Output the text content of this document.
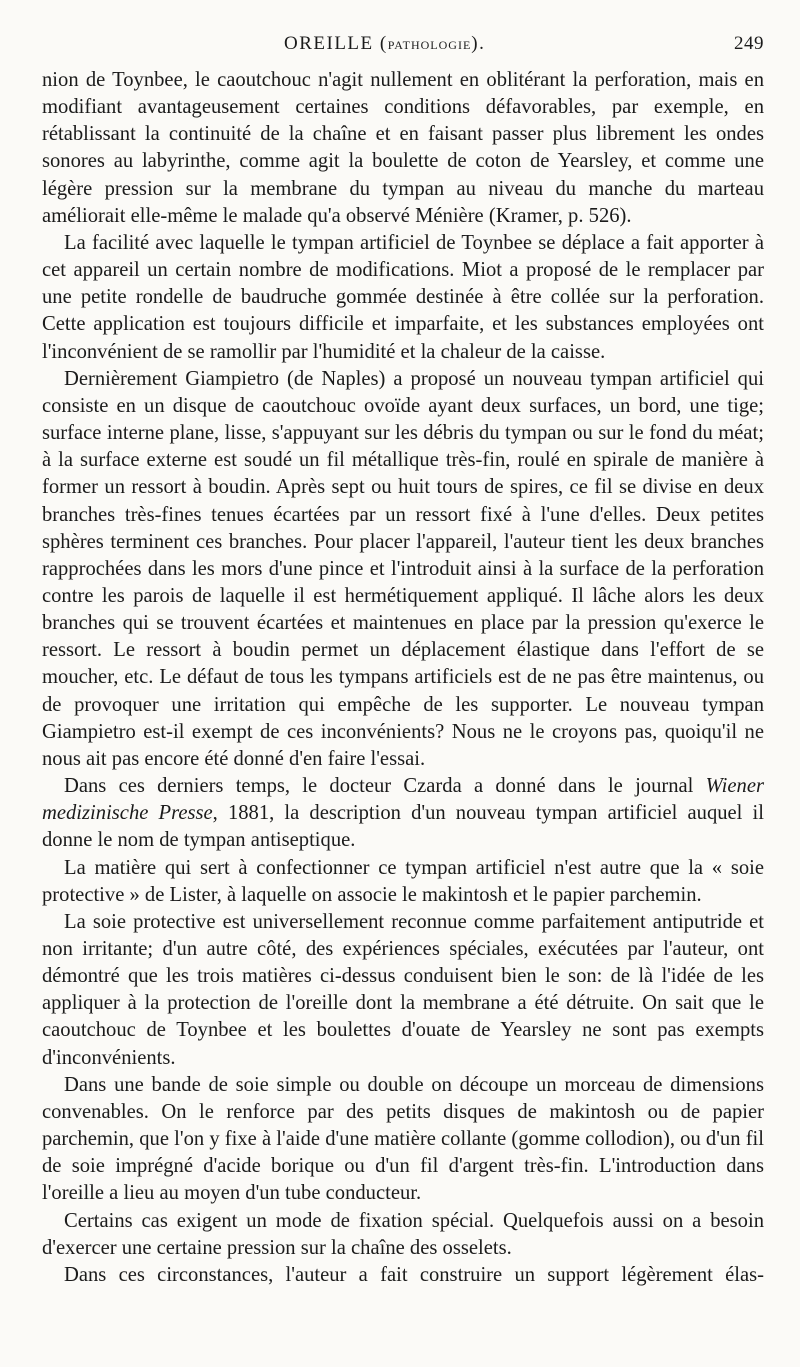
OREILLE (PATHOLOGIE).	249

nion de Toynbee, le caoutchouc n'agit nullement en oblitérant la perforation, mais en modifiant avantageusement certaines conditions défavorables, par exemple, en rétablissant la continuité de la chaîne et en faisant passer plus librement les ondes sonores au labyrinthe, comme agit la boulette de coton de Yearsley, et comme une légère pression sur la membrane du tympan au niveau du manche du marteau améliorait elle-même le malade qu'a observé Ménière (Kramer, p. 526).

La facilité avec laquelle le tympan artificiel de Toynbee se déplace a fait apporter à cet appareil un certain nombre de modifications. Miot a proposé de le remplacer par une petite rondelle de baudruche gommée destinée à être collée sur la perforation. Cette application est toujours difficile et imparfaite, et les substances employées ont l'inconvénient de se ramollir par l'humidité et la chaleur de la caisse.

Dernièrement Giampietro (de Naples) a proposé un nouveau tympan artificiel qui consiste en un disque de caoutchouc ovoïde ayant deux surfaces, un bord, une tige; surface interne plane, lisse, s'appuyant sur les débris du tympan ou sur le fond du méat; à la surface externe est soudé un fil métallique très-fin, roulé en spirale de manière à former un ressort à boudin. Après sept ou huit tours de spires, ce fil se divise en deux branches très-fines tenues écartées par un ressort fixé à l'une d'elles. Deux petites sphères terminent ces branches. Pour placer l'appareil, l'auteur tient les deux branches rapprochées dans les mors d'une pince et l'introduit ainsi à la surface de la perforation contre les parois de laquelle il est hermétiquement appliqué. Il lâche alors les deux branches qui se trouvent écartées et maintenues en place par la pression qu'exerce le ressort. Le ressort à boudin permet un déplacement élastique dans l'effort de se moucher, etc. Le défaut de tous les tympans artificiels est de ne pas être maintenus, ou de provoquer une irritation qui empêche de les supporter. Le nouveau tympan Giampietro est-il exempt de ces inconvénients? Nous ne le croyons pas, quoiqu'il ne nous ait pas encore été donné d'en faire l'essai.

Dans ces derniers temps, le docteur Czarda a donné dans le journal Wiener medizinische Presse, 1881, la description d'un nouveau tympan artificiel auquel il donne le nom de tympan antiseptique.

La matière qui sert à confectionner ce tympan artificiel n'est autre que la « soie protective » de Lister, à laquelle on associe le makintosh et le papier parchemin.

La soie protective est universellement reconnue comme parfaitement antiputride et non irritante; d'un autre côté, des expériences spéciales, exécutées par l'auteur, ont démontré que les trois matières ci-dessus conduisent bien le son: de là l'idée de les appliquer à la protection de l'oreille dont la membrane a été détruite. On sait que le caoutchouc de Toynbee et les boulettes d'ouate de Yearsley ne sont pas exempts d'inconvénients.

Dans une bande de soie simple ou double on découpe un morceau de dimensions convenables. On le renforce par des petits disques de makintosh ou de papier parchemin, que l'on y fixe à l'aide d'une matière collante (gomme collodion), ou d'un fil de soie imprégné d'acide borique ou d'un fil d'argent très-fin. L'introduction dans l'oreille a lieu au moyen d'un tube conducteur.

Certains cas exigent un mode de fixation spécial. Quelquefois aussi on a besoin d'exercer une certaine pression sur la chaîne des osselets.

Dans ces circonstances, l'auteur a fait construire un support légèrement élas-
